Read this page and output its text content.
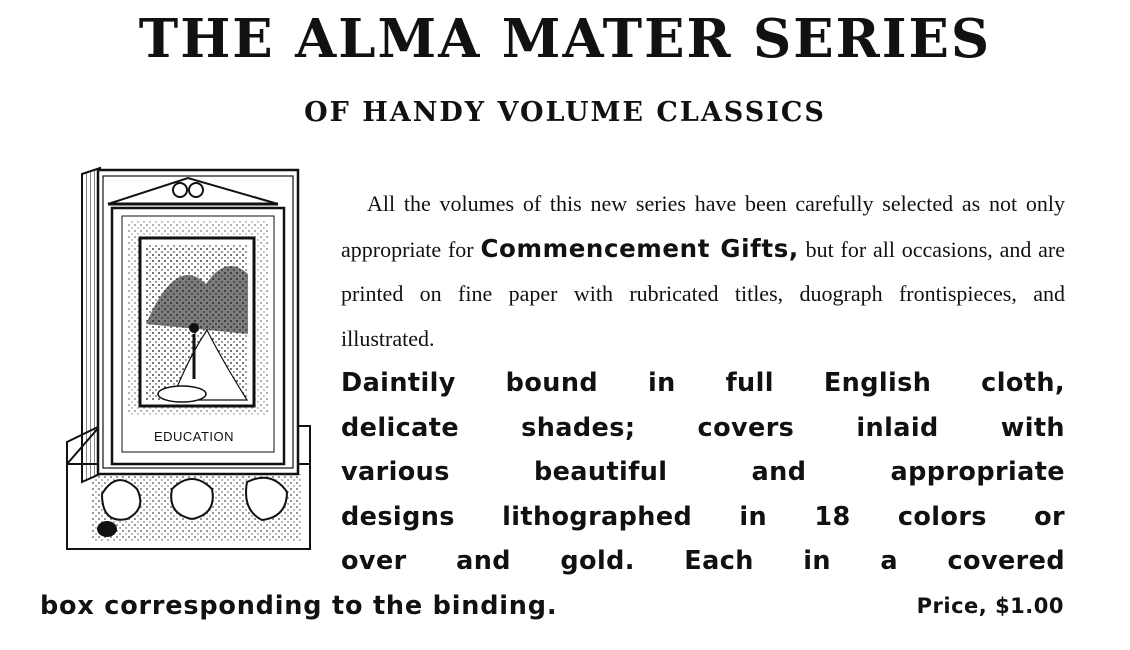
THE ALMA MATER SERIES
OF HANDY VOLUME CLASSICS
EDUCATION

All the volumes of this new series have been carefully selected as not only appropriate for Commencement Gifts, but for all occasions, and are printed on fine paper with rubricated titles, duograph frontispieces, and illustrated.

Daintily bound in full English cloth,

delicate shades; covers inlaid with

various beautiful and appropriate

designs lithographed in 18 colors or

over and gold. Each in a covered

box corresponding to the binding.	Price, $1.00
